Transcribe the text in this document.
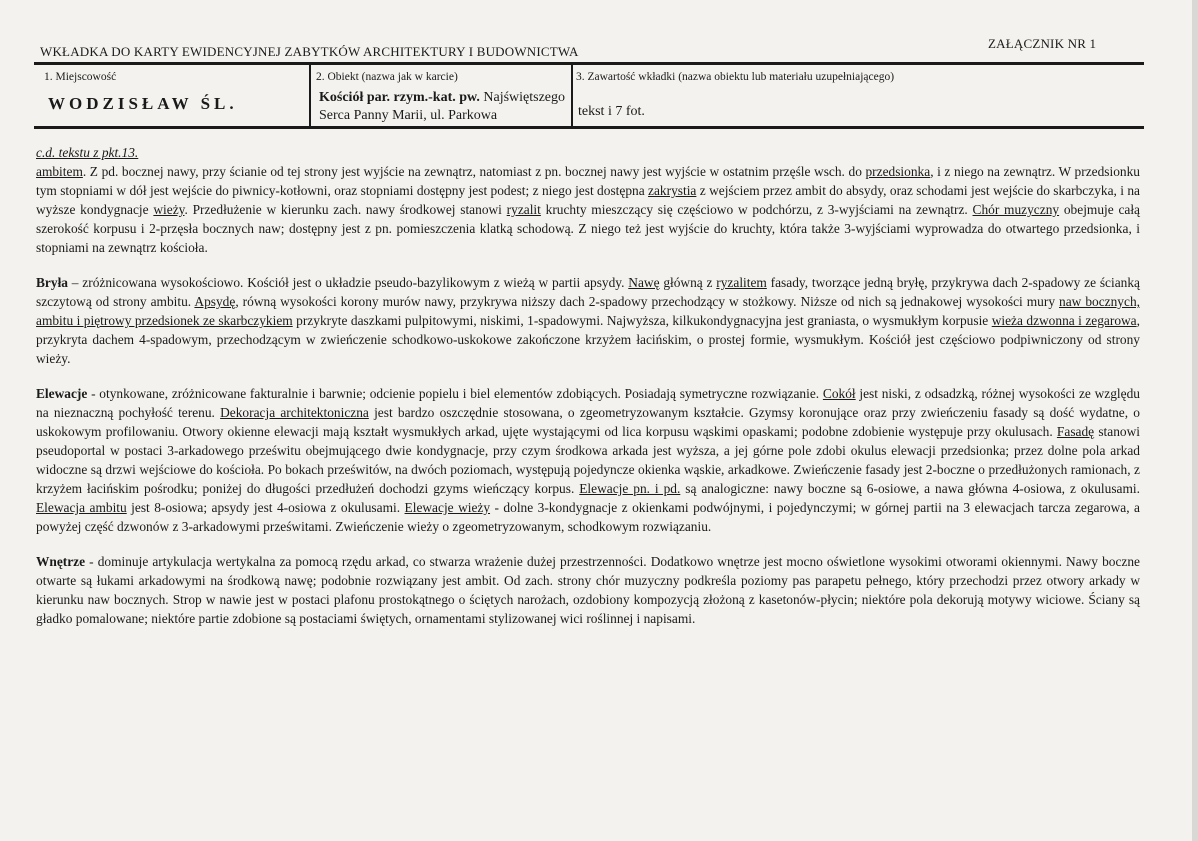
WKŁADKA DO KARTY EWIDENCYJNEJ ZABYTKÓW ARCHITEKTURY I BUDOWNICTWA
ZAŁĄCZNIK NR 1
1. Miejscowość
WODZISŁAW ŚL.
2. Obiekt (nazwa jak w karcie)
Kościół par. rzym.-kat. pw. Najświętszego Serca Panny Marii, ul. Parkowa
3. Zawartość wkładki (nazwa obiektu lub materiału uzupełniającego)
tekst i 7 fot.
c.d. tekstu z pkt.13.

ambitem. Z pd. bocznej nawy, przy ścianie od tej strony jest wyjście na zewnątrz, natomiast z pn. bocznej nawy jest wyjście w ostatnim przęśle wsch. do przedsionka, i z niego na zewnątrz. W przedsionku tym stopniami w dół jest wejście do piwnicy-kotłowni, oraz stopniami dostępny jest podest; z niego jest dostępna zakrystia z wejściem przez ambit do absydy, oraz schodami jest wejście do skarbczyka, i na wyższe kondygnacje wieży. Przedłużenie w kierunku zach. nawy środkowej stanowi ryzalit kruchty mieszczący się częściowo w podchórzu, z 3-wyjściami na zewnątrz. Chór muzyczny obejmuje całą szerokość korpusu i 2-przęsła bocznych naw; dostępny jest z pn. pomieszczenia klatką schodową. Z niego też jest wyjście do kruchty, która także 3-wyjściami wyprowadza do otwartego przedsionka, i stopniami na zewnątrz kościoła.

Bryła – zróżnicowana wysokościowo. Kościół jest o układzie pseudo-bazylikowym z wieżą w partii apsydy. Nawę główną z ryzalitem fasady, tworzące jedną bryłę, przykrywa dach 2-spadowy ze ścianką szczytową od strony ambitu. Apsydę, równą wysokości korony murów nawy, przykrywa niższy dach 2-spadowy przechodzący w stożkowy. Niższe od nich są jednakowej wysokości mury naw bocznych, ambitu i piętrowy przedsionek ze skarbczykiem przykryte daszkami pulpitowymi, niskimi, 1-spadowymi. Najwyższa, kilkukondygnacyjna jest graniasta, o wysmukłym korpusie wieża dzwonna i zegarowa, przykryta dachem 4-spadowym, przechodzącym w zwieńczenie schodkowo-uskokowe zakończone krzyżem łacińskim, o prostej formie, wysmukłym. Kościół jest częściowo podpiwniczony od strony wieży.

Elewacje - otynkowane, zróżnicowane fakturalnie i barwnie; odcienie popielu i biel elementów zdobiących. Posiadają symetryczne rozwiązanie. Cokół jest niski, z odsadzką, różnej wysokości ze względu na nieznaczną pochyłość terenu. Dekoracja architektoniczna jest bardzo oszczędnie stosowana, o zgeometryzowanym kształcie. Gzymsy koronujące oraz przy zwieńczeniu fasady są dość wydatne, o uskokowym profilowaniu. Otwory okienne elewacji mają kształt wysmukłych arkad, ujęte wystającymi od lica korpusu wąskimi opaskami; podobne zdobienie występuje przy okulusach. Fasadę stanowi pseudoportal w postaci 3-arkadowego prześwitu obejmującego dwie kondygnacje, przy czym środkowa arkada jest wyższa, a jej górne pole zdobi okulus elewacji przedsionka; przez dolne pola arkad widoczne są drzwi wejściowe do kościoła. Po bokach prześwitów, na dwóch poziomach, występują pojedyncze okienka wąskie, arkadkowe. Zwieńczenie fasady jest 2-boczne o przedłużonych ramionach, z krzyżem łacińskim pośrodku; poniżej do długości przedłużeń dochodzi gzyms wieńczący korpus. Elewacje pn. i pd. są analogiczne: nawy boczne są 6-osiowe, a nawa główna 4-osiowa, z okulusami. Elewacja ambitu jest 8-osiowa; apsydy jest 4-osiowa z okulusami. Elewacje wieży - dolne 3-kondygnacje z okienkami podwójnymi, i pojedynczymi; w górnej partii na 3 elewacjach tarcza zegarowa, a powyżej część dzwonów z 3-arkadowymi prześwitami. Zwieńczenie wieży o zgeometryzowanym, schodkowym rozwiązaniu.

Wnętrze - dominuje artykulacja wertykalna za pomocą rzędu arkad, co stwarza wrażenie dużej przestrzenności. Dodatkowo wnętrze jest mocno oświetlone wysokimi otworami okiennymi. Nawy boczne otwarte są łukami arkadowymi na środkową nawę; podobnie rozwiązany jest ambit. Od zach. strony chór muzyczny podkreśla poziomy pas parapetu pełnego, który przechodzi przez otwory arkady w kierunku naw bocznych. Strop w nawie jest w postaci plafonu prostokątnego o ściętych narożach, ozdobiony kompozycją złożoną z kasetonów-płycin; niektóre pola dekorują motywy wiciowe. Ściany są gładko pomalowane; niektóre partie zdobione są postaciami świętych, ornamentami stylizowanej wici roślinnej i napisami.
